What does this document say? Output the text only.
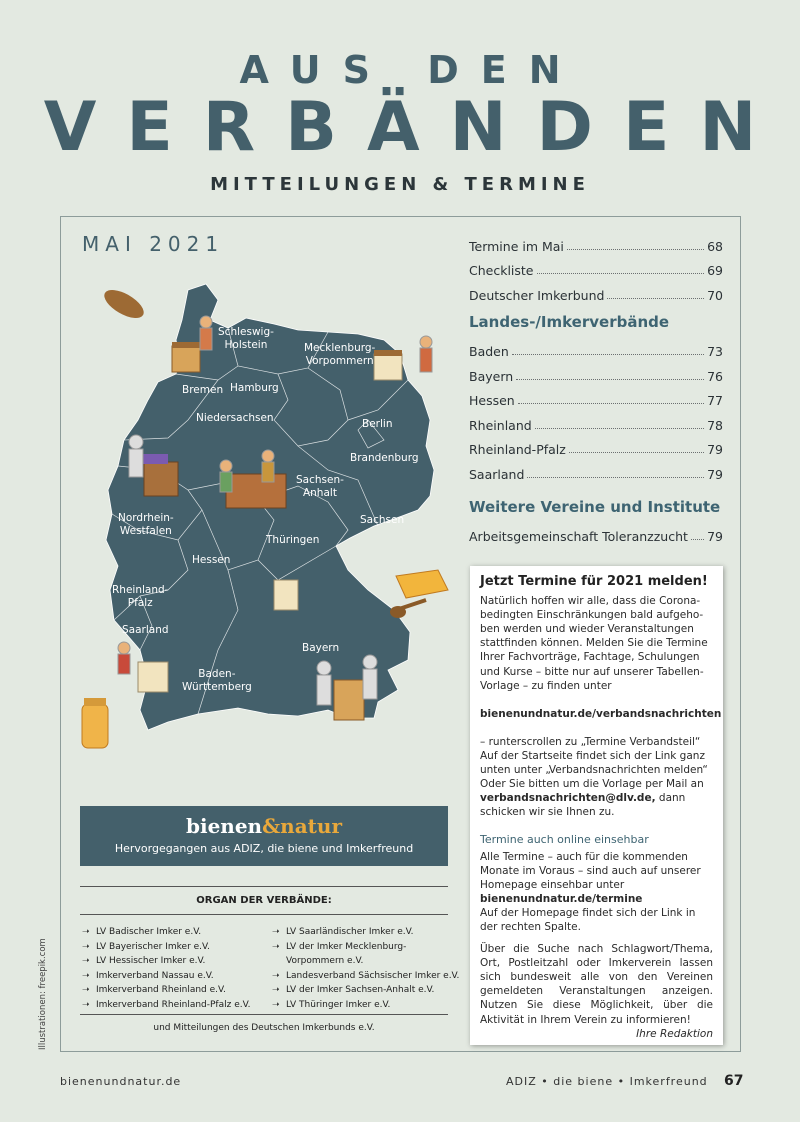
AUS DEN
VERBÄNDEN
MITTEILUNGEN & TERMINE
MAI 2021
Schleswig-
Holstein	Mecklenburg-
Vorpommern
Bremen Hamburg
Niedersachsen	Berlin
Brandenburg
Sachsen-
Anhalt
Nordrhein-
Westfalen
Sachsen
Thüringen
Hessen
Rheinland-
Pfalz
Saarland
Bayern
Baden-
Württemberg
Termine im Mai	68
Checkliste	69
Deutscher Imkerbund	70
Landes-/Imkerverbände
Baden	73
Bayern	76
Hessen	77
Rheinland	78
Rheinland-Pfalz	79
Saarland	79
Weitere Vereine und Institute
Arbeitsgemeinschaft Toleranzzucht 79
Jetzt Termine für 2021 melden!

Natürlich hoffen wir alle, dass die Coronabedingten Einschränkungen bald aufgehoben werden und wieder Veranstaltungen stattfinden können. Melden Sie die Termine Ihrer Fachvorträge, Fachtage, Schulungen und Kurse – bitte nur auf unserer Tabellen-Vorlage – zu finden unter

bienenundnatur.de/verbandsnachrichten

– runterscrollen zu „Termine Verbandsteil“ Auf der Startseite findet sich der Link ganz unten unter „Verbandsnachrichten melden“ Oder Sie bitten um die Vorlage per Mail an verbandsnachrichten@dlv.de, dann schicken wir sie Ihnen zu.

Termine auch online einsehbar

Alle Termine – auch für die kommenden Monate im Voraus – sind auch auf unserer Homepage einsehbar unter

bienenundnatur.de/termine

Auf der Homepage findet sich der Link in der rechten Spalte.

Über die Suche nach Schlagwort/Thema, Ort, Postleitzahl oder Imkerverein lassen sich bundesweit alle von den Vereinen gemeldeten Veranstaltungen anzeigen. Nutzen Sie diese Möglichkeit, über die Aktivität in Ihrem Verein zu informieren!
Ihre Redaktion

bienen&natur
Hervorgegangen aus ADIZ, die biene und Imkerfreund
ORGAN DER VERBÄNDE:
➝ LV Badischer Imker e.V.
➝ LV Bayerischer Imker e.V.
➝ LV Hessischer Imker e.V.
➝ Imkerverband Nassau e.V.
➝ Imkerverband Rheinland e.V.
➝ Imkerverband Rheinland-Pfalz e.V.
➝ LV Saarländischer Imker e.V.
➝ LV der Imker Mecklenburg-
Vorpommern e.V.
➝ Landesverband Sächsischer Imker e.V.
➝ LV der Imker Sachsen-Anhalt e.V.
➝ LV Thüringer Imker e.V.
und Mitteilungen des Deutschen Imkerbunds e.V.
Illustrationen: freepik.com
bienenundnatur.de	ADIZ • die biene • Imkerfreund 67
